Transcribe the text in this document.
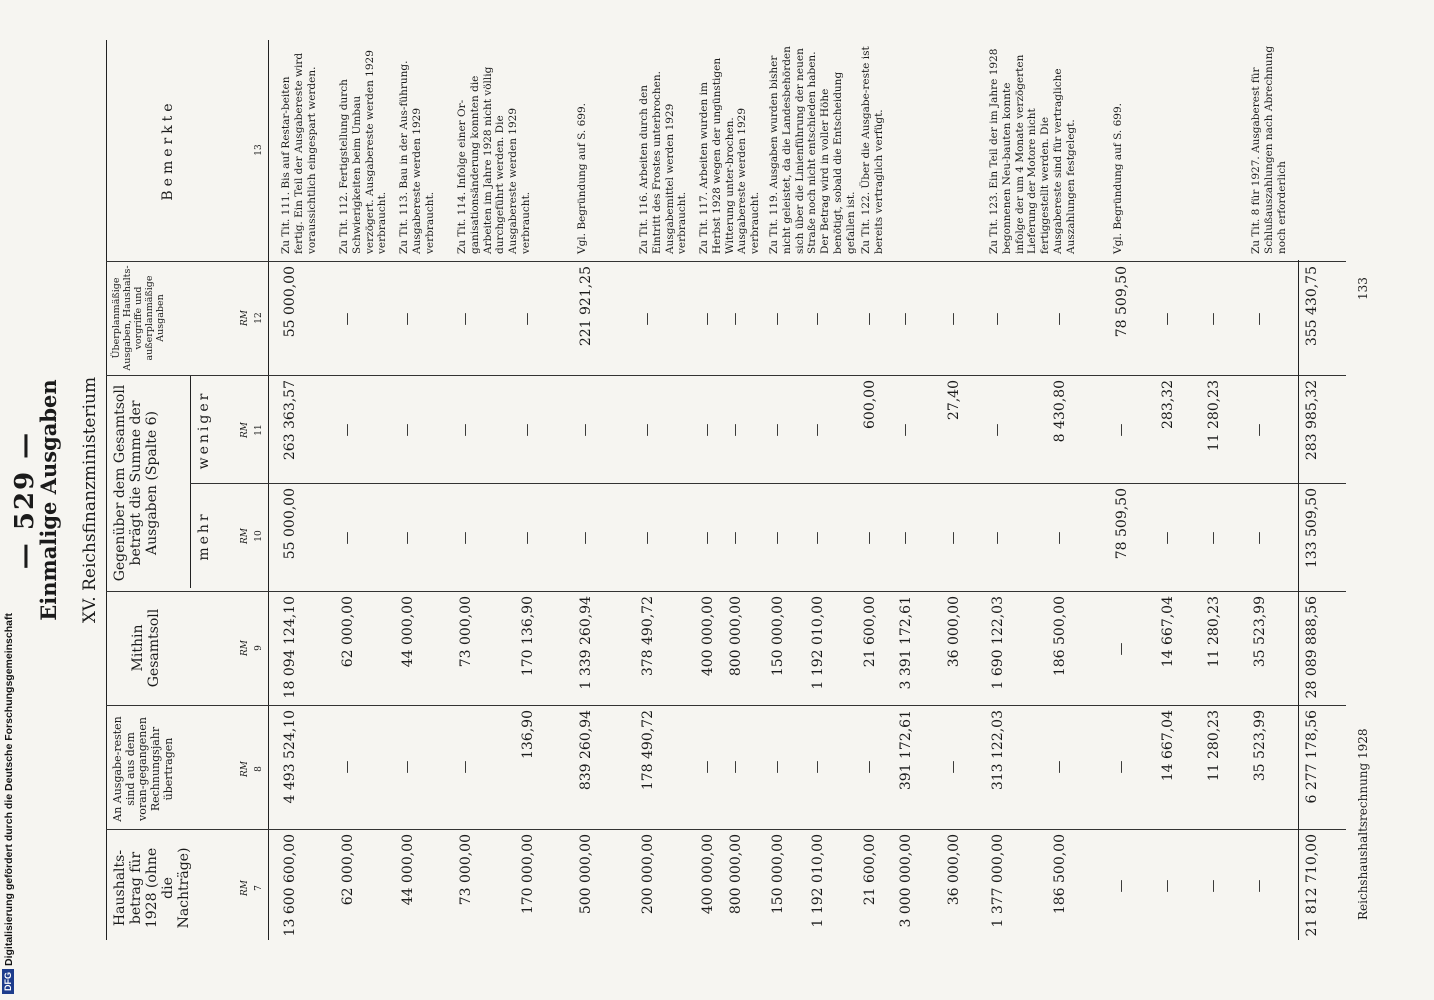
— 529 —
Einmalige Ausgaben XV. Reichsfinanzministerium
Haushalts-betrag für 1928 (ohne die Nachträge)
An Ausgabe-resten sind aus dem voran-gegangenen Rechnungsjahr übertragen
Mithin Gesamtsoll
Gegenüber dem Gesamtsoll beträgt die Summe der Ausgaben (Spalte 6)	mehr
weniger
Überplanmäßige Ausgaben, Haushalts-vorgriffe und außerplanmäßige Ausgaben
Bemerkte
RM
RM
RM
RM
RM
RM
7
8
9
10
11
12
13
13 600 600,00
4 493 524,10
18 094 124,10
55 000,00
263 363,57
55 000,00
Zu Tit. 111. Bis auf Restar-beiten fertig. Ein Teil der Ausgabereste wird voraussichtlich eingespart werden.
62 000,00
—
62 000,00
—
—
—
Zu Tit. 112. Fertigstellung durch Schwierigkeiten beim Umbau verzögert. Ausgabereste werden 1929 verbraucht.
44 000,00
—
44 000,00
—
—
—
Zu Tit. 113. Bau in der Aus-führung. Ausgabereste werden 1929 verbraucht.
73 000,00
—
73 000,00
—
—
—
Zu Tit. 114. Infolge einer Or-ganisationsänderung konnten die Arbeiten im Jahre 1928 nicht völlig durchgeführt werden. Die Ausgabereste werden 1929 verbraucht.
170 000,00
136,90
170 136,90
—
—
—
500 000,00
839 260,94
1 339 260,94
—
—
221 921,25
Vgl. Begründung auf S. 699.
200 000,00
178 490,72
378 490,72
—
—
—
Zu Tit. 116. Arbeiten durch den Eintritt des Frostes unterbrochen. Ausgabemittel werden 1929 verbraucht.
400 000,00
—
400 000,00
—
—
—
Zu Tit. 117. Arbeiten wurden im Herbst 1928 wegen der ungünstigen Witterung unter-brochen. Ausgabereste werden 1929 verbraucht.
800 000,00
—
800 000,00
—
—
—
150 000,00
—
150 000,00
—
—
—
Zu Tit. 119. Ausgaben wurden bisher nicht geleistet, da die Landesbehörden sich über die Linienführung der neuen Straße noch nicht entschieden haben. Der Betrag wird in voller Höhe benötigt, sobald die Entscheidung gefallen ist.
1 192 010,00
—
1 192 010,00
—
—
—
21 600,00
—
21 600,00
—
600,00
—
Zu Tit. 122. Über die Ausgabe-reste ist bereits vertraglich verfügt.
3 000 000,00
391 172,61
3 391 172,61
—
—
—
36 000,00
—
36 000,00
—
27,40
—
1 377 000,00
313 122,03
1 690 122,03
—
—
—
Zu Tit. 123. Ein Teil der im Jahre 1928 begonnenen Neu-bauten konnte infolge der um 4 Monate verzögerten Lieferung der Motore nicht fertiggestellt werden. Die Ausgabereste sind für vertragliche Auszahlungen festgelegt.
186 500,00
—
186 500,00
—
8 430,80
—
—
—
—
78 509,50
—
78 509,50
Vgl. Begründung auf S. 699.
—
14 667,04
14 667,04
—
283,32
—
—
11 280,23
11 280,23
—
11 280,23
—
—
35 523,99
35 523,99
—
—
—
Zu Tit. 8 für 1927. Ausgaberest für Schlußauszahlungen nach Abrechnung noch erforderlich
21 812 710,00
6 277 178,56
28 089 888,56
133 509,50
283 985,32
355 430,75
Reichshaushaltsrechnung 1928
133
DFG
Digitalisierung gefördert durch die Deutsche Forschungsgemeinschaft
